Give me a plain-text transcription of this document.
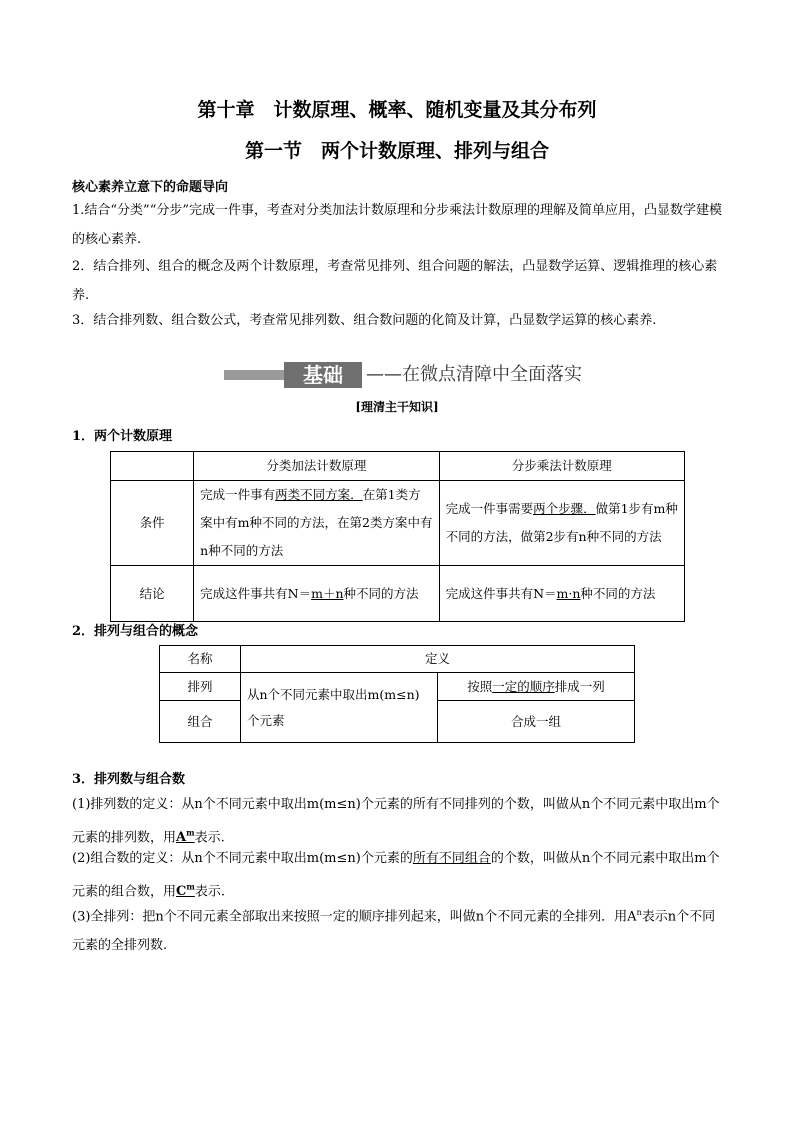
第十章　计数原理、概率、随机变量及其分布列
第一节　两个计数原理、排列与组合
核心素养立意下的命题导向
1.结合“分类”“分步”完成一件事，考查对分类加法计数原理和分步乘法计数原理的理解及简单应用，凸显数学建模的核心素养.
2．结合排列、组合的概念及两个计数原理，考查常见排列、组合问题的解法，凸显数学运算、逻辑推理的核心素养.
3．结合排列数、组合数公式，考查常见排列数、组合数问题的化简及计算，凸显数学运算的核心素养.
基础	——在微点清障中全面落实
[理清主干知识]
1．两个计数原理
	分类加法计数原理	分步乘法计数原理
条件	完成一件事有两类不同方案．在第1类方案中有m种不同的方法，在第2类方案中有n种不同的方法	完成一件事需要两个步骤．做第1步有m种不同的方法，做第2步有n种不同的方法
结论	完成这件事共有N＝m＋n种不同的方法	完成这件事共有N＝m·n种不同的方法
2．排列与组合的概念
名称	定义	
排列	从n个不同元素中取出m(m≤n)个元素	按照一定的顺序排成一列
组合		合成一组
3．排列数与组合数
(1)排列数的定义：从n个不同元素中取出m(m≤n)个元素的所有不同排列的个数，叫做从n个不同元素中取出m个元素的排列数，用$A^m$表示.
(2)组合数的定义：从n个不同元素中取出m(m≤n)个元素的所有不同组合的个数，叫做从n个不同元素中取出m个元素的组合数，用$C^m$表示.
(3)全排列：把n个不同元素全部取出来按照一定的顺序排列起来，叫做n个不同元素的全排列．用$A^n$表示n个不同元素的全排列数.
